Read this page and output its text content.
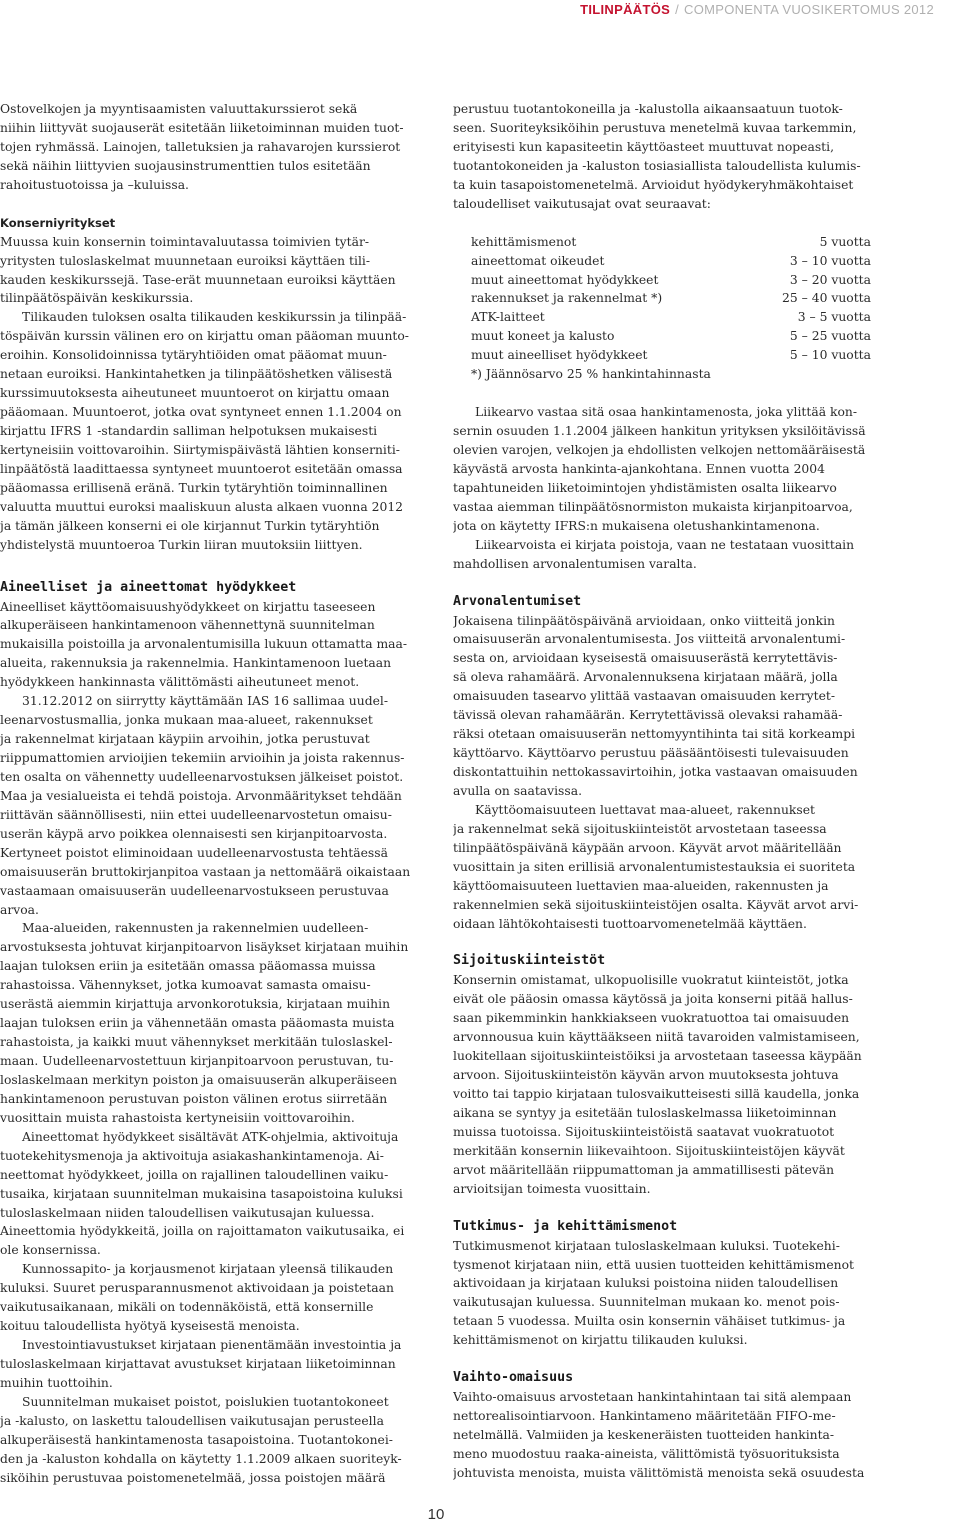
TILINPÄÄTÖS / COMPONENTA VUOSIKERTOMUS 2012
Ostovelkojen ja myyntisaamisten valuuttakurssierot sekä
niihin liittyvät suojauserät esitetään liiketoiminnan muiden tuot-
tojen ryhmässä. Lainojen, talletuksien ja rahavarojen kurssierot
sekä näihin liittyvien suojausinstrumenttien tulos esitetään
rahoitustuotoissa ja –kuluissa.
Konserniyritykset
Muussa kuin konsernin toimintavaluutassa toimivien tytär-
yritysten tuloslaskelmat muunnetaan euroiksi käyttäen tili-
kauden keskikurssejä. Tase-erät muunnetaan euroiksi käyttäen
tilinpäätöspäivän keskikurssia.
Tilikauden tuloksen osalta tilikauden keskikurssin ja tilinpää-
töspäivän kurssin välinen ero on kirjattu oman pääoman muunto-
eroihin. Konsolidoinnissa tytäryhtiöiden omat pääomat muun-
netaan euroiksi. Hankintahetken ja tilinpäätöshetken välisestä
kurssimuutoksesta aiheutuneet muuntoerot on kirjattu omaan
pääomaan. Muuntoerot, jotka ovat syntyneet ennen 1.1.2004 on
kirjattu IFRS 1 -standardin salliman helpotuksen mukaisesti
kertyneisiin voittovaroihin. Siirtymispäivästä lähtien konserniti-
linpäätöstä laadittaessa syntyneet muuntoerot esitetään omassa
pääomassa erillisenä eränä. Turkin tytäryhtiön toiminnallinen
valuutta muuttui euroksi maaliskuun alusta alkaen vuonna 2012
ja tämän jälkeen konserni ei ole kirjannut Turkin tytäryhtiön
yhdistelystä muuntoeroa Turkin liiran muutoksiin liittyen.
Aineelliset ja aineettomat hyödykkeet
Aineelliset käyttöomaisuushyödykkeet on kirjattu taseeseen
alkuperäiseen hankintamenoon vähennettynä suunnitelman
mukaisilla poistoilla ja arvonalentumisilla lukuun ottamatta maa-
alueita, rakennuksia ja rakennelmia. Hankintamenoon luetaan
hyödykkeen hankinnasta välittömästi aiheutuneet menot.
31.12.2012 on siirrytty käyttämään IAS 16 sallimaa uudel-
leenarvostusmallia, jonka mukaan maa-alueet, rakennukset
ja rakennelmat kirjataan käypiin arvoihin, jotka perustuvat
riippumattomien arvioijien tekemiin arvioihin ja joista rakennus-
ten osalta on vähennetty uudelleenarvostuksen jälkeiset poistot.
Maa ja vesialueista ei tehdä poistoja. Arvonmääritykset tehdään
riittävän säännöllisesti, niin ettei uudelleenarvostetun omaisu-
userän käypä arvo poikkea olennaisesti sen kirjanpitoarvosta.
Kertyneet poistot eliminoidaan uudelleenarvostusta tehtäessä
omaisuuserän bruttokirjanpitoa vastaan ja nettomäärä oikaistaan
vastaamaan omaisuuserän uudelleenarvostukseen perustuvaa
arvoa.
Maa-alueiden, rakennusten ja rakennelmien uudelleen-
arvostuksesta johtuvat kirjanpitoarvon lisäykset kirjataan muihin
laajan tuloksen eriin ja esitetään omassa pääomassa muissa
rahastoissa. Vähennykset, jotka kumoavat samasta omaisu-
userästä aiemmin kirjattuja arvonkorotuksia, kirjataan muihin
laajan tuloksen eriin ja vähennetään omasta pääomasta muista
rahastoista, ja kaikki muut vähennykset merkitään tuloslaskel-
maan. Uudelleenarvostettuun kirjanpitoarvoon perustuvan, tu-
loslaskelmaan merkityn poiston ja omaisuuserän alkuperäiseen
hankintamenoon perustuvan poiston välinen erotus siirretään
vuosittain muista rahastoista kertyneisiin voittovaroihin.
Aineettomat hyödykkeet sisältävät ATK-ohjelmia, aktivoituja
tuotekehitysmenoja ja aktivoituja asiakashankintamenoja. Ai-
neettomat hyödykkeet, joilla on rajallinen taloudellinen vaiku-
tusaika, kirjataan suunnitelman mukaisina tasapoistoina kuluksi
tuloslaskelmaan niiden taloudellisen vaikutusajan kuluessa.
Aineettomia hyödykkeitä, joilla on rajoittamaton vaikutusaika, ei
ole konsernissa.
Kunnossapito- ja korjausmenot kirjataan yleensä tilikauden
kuluksi. Suuret perusparannusmenot aktivoidaan ja poistetaan
vaikutusaikanaan, mikäli on todennäköistä, että konsernille
koituu taloudellista hyötyä kyseisestä menoista.
Investointiavustukset kirjataan pienentämään investointia ja
tuloslaskelmaan kirjattavat avustukset kirjataan liiketoiminnan
muihin tuottoihin.
Suunnitelman mukaiset poistot, poislukien tuotantokoneet
ja -kalusto, on laskettu taloudellisen vaikutusajan perusteella
alkuperäisestä hankintamenosta tasapoistoina. Tuotantokonei-
den ja -kaluston kohdalla on käytetty 1.1.2009 alkaen suoriteyk-
siköihin perustuvaa poistomenetelmää, jossa poistojen määrä
perustuu tuotantokoneilla ja -kalustolla aikaansaatuun tuotok-
seen. Suoriteyksiköihin perustuva menetelmä kuvaa tarkemmin,
erityisesti kun kapasiteetin käyttöasteet muuttuvat nopeasti,
tuotantokoneiden ja -kaluston tosiasiallista taloudellista kulumis-
ta kuin tasapoistomenetelmä. Arvioidut hyödykeryhmäkohtaiset
taloudelliset vaikutusajat ovat seuraavat:
kehittämismenot	5 vuotta
aineettomat oikeudet	3 – 10 vuotta
muut aineettomat hyödykkeet	3 – 20 vuotta
rakennukset ja rakennelmat *)	25 – 40 vuotta
ATK-laitteet	3 – 5 vuotta
muut koneet ja kalusto	5 – 25 vuotta
muut aineelliset hyödykkeet	5 – 10 vuotta
*) Jäännösarvo 25 % hankintahinnasta
Liikearvo vastaa sitä osaa hankintamenosta, joka ylittää kon-
sernin osuuden 1.1.2004 jälkeen hankitun yrityksen yksilöitävissä
olevien varojen, velkojen ja ehdollisten velkojen nettomääräisestä
käyvästä arvosta hankinta-ajankohtana. Ennen vuotta 2004
tapahtuneiden liiketoimintojen yhdistämisten osalta liikearvo
vastaa aiemman tilinpäätösnormiston mukaista kirjanpitoarvoa,
jota on käytetty IFRS:n mukaisena oletushankintamenona.
Liikearvoista ei kirjata poistoja, vaan ne testataan vuosittain
mahdollisen arvonalentumisen varalta.
Arvonalentumiset
Jokaisena tilinpäätöspäivänä arvioidaan, onko viitteitä jonkin
omaisuuserän arvonalentumisesta. Jos viitteitä arvonalentumi-
sesta on, arvioidaan kyseisestä omaisuuserästä kerrytettävis-
sä oleva rahamäärä. Arvonalennuksena kirjataan määrä, jolla
omaisuuden tasearvo ylittää vastaavan omaisuuden kerrytet-
tävissä olevan rahamäärän. Kerrytettävissä olevaksi rahamää-
räksi otetaan omaisuuserän nettomyyntihinta tai sitä korkeampi
käyttöarvo. Käyttöarvo perustuu pääsääntöisesti tulevaisuuden
diskontattuihin nettokassavirtoihin, jotka vastaavan omaisuuden
avulla on saatavissa.
Käyttöomaisuuteen luettavat maa-alueet, rakennukset
ja rakennelmat sekä sijoituskiinteistöt arvostetaan taseessa
tilinpäätöspäivänä käypään arvoon. Käyvät arvot määritellään
vuosittain ja siten erillisiä arvonalentumistestauksia ei suoriteta
käyttöomaisuuteen luettavien maa-alueiden, rakennusten ja
rakennelmien sekä sijoituskiinteistöjen osalta. Käyvät arvot arvi-
oidaan lähtökohtaisesti tuottoarvomenetelmää käyttäen.
Sijoituskiinteistöt
Konsernin omistamat, ulkopuolisille vuokratut kiinteistöt, jotka
eivät ole pääosin omassa käytössä ja joita konserni pitää hallus-
saan pikemminkin hankkiakseen vuokratuottoa tai omaisuuden
arvonnousua kuin käyttääkseen niitä tavaroiden valmistamiseen,
luokitellaan sijoituskiinteistöiksi ja arvostetaan taseessa käypään
arvoon. Sijoituskiinteistön käyvän arvon muutoksesta johtuva
voitto tai tappio kirjataan tulosvaikutteisesti sillä kaudella, jonka
aikana se syntyy ja esitetään tuloslaskelmassa liiketoiminnan
muissa tuotoissa. Sijoituskiinteistöistä saatavat vuokratuotot
merkitään konsernin liikevaihtoon. Sijoituskiinteistöjen käyvät
arvot määritellään riippumattoman ja ammatillisesti pätevän
arvioitsijan toimesta vuosittain.
Tutkimus- ja kehittämismenot
Tutkimusmenot kirjataan tuloslaskelmaan kuluksi. Tuotekehi-
tysmenot kirjataan niin, että uusien tuotteiden kehittämismenot
aktivoidaan ja kirjataan kuluksi poistoina niiden taloudellisen
vaikutusajan kuluessa. Suunnitelman mukaan ko. menot pois-
tetaan 5 vuodessa. Muilta osin konsernin vähäiset tutkimus- ja
kehittämismenot on kirjattu tilikauden kuluksi.
Vaihto-omaisuus
Vaihto-omaisuus arvostetaan hankintahintaan tai sitä alempaan
nettorealisointiarvoon. Hankintameno määritetään FIFO-me-
netelmällä. Valmiiden ja keskeneräisten tuotteiden hankinta-
meno muodostuu raaka-aineista, välittömistä työsuorituksista
johtuvista menoista, muista välittömistä menoista sekä osuudesta
10
